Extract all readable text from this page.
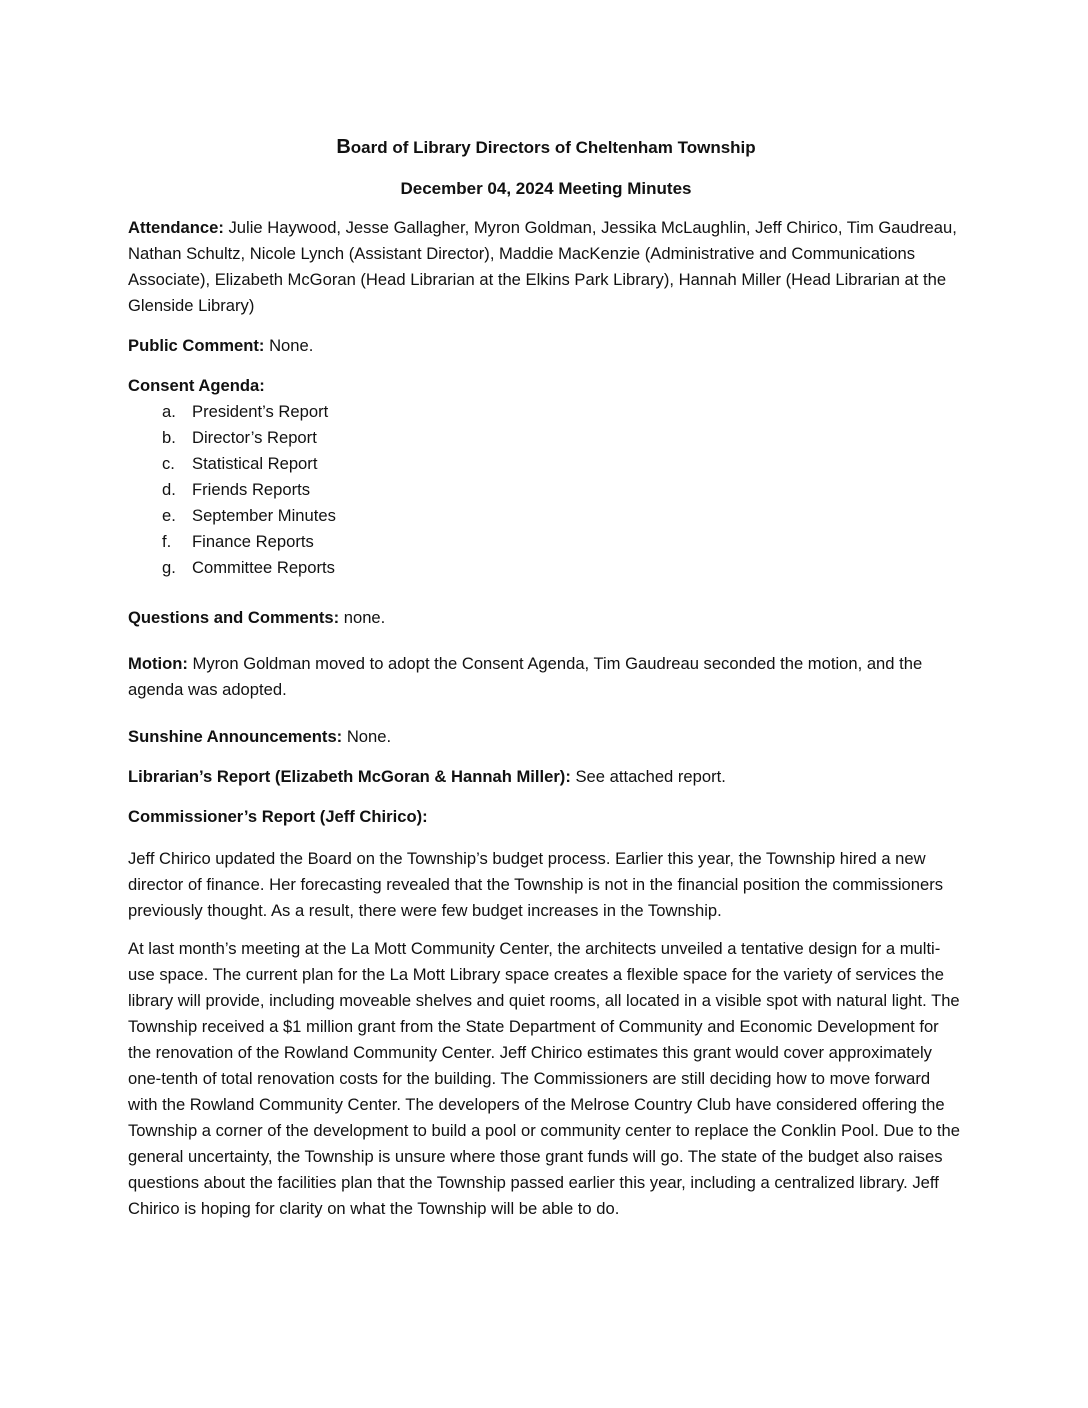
Board of Library Directors of Cheltenham Township
December 04, 2024 Meeting Minutes

Attendance: Julie Haywood, Jesse Gallagher, Myron Goldman, Jessika McLaughlin, Jeff Chirico, Tim Gaudreau, Nathan Schultz, Nicole Lynch (Assistant Director), Maddie MacKenzie (Administrative and Communications Associate), Elizabeth McGoran (Head Librarian at the Elkins Park Library), Hannah Miller (Head Librarian at the Glenside Library)

Public Comment: None.

Consent Agenda:

a. President’s Report
b. Director’s Report
c. Statistical Report
d. Friends Reports
e. September Minutes
f. Finance Reports
g. Committee Reports

Questions and Comments: none.

Motion: Myron Goldman moved to adopt the Consent Agenda, Tim Gaudreau seconded the motion, and the agenda was adopted.

Sunshine Announcements: None.

Librarian’s Report (Elizabeth McGoran & Hannah Miller): See attached report.

Commissioner’s Report (Jeff Chirico):

Jeff Chirico updated the Board on the Township’s budget process. Earlier this year, the Township hired a new director of finance. Her forecasting revealed that the Township is not in the financial position the commissioners previously thought. As a result, there were few budget increases in the Township.

At last month’s meeting at the La Mott Community Center, the architects unveiled a tentative design for a multi-use space. The current plan for the La Mott Library space creates a flexible space for the variety of services the library will provide, including moveable shelves and quiet rooms, all located in a visible spot with natural light. The Township received a $1 million grant from the State Department of Community and Economic Development for the renovation of the Rowland Community Center. Jeff Chirico estimates this grant would cover approximately one-tenth of total renovation costs for the building. The Commissioners are still deciding how to move forward with the Rowland Community Center. The developers of the Melrose Country Club have considered offering the Township a corner of the development to build a pool or community center to replace the Conklin Pool. Due to the general uncertainty, the Township is unsure where those grant funds will go. The state of the budget also raises questions about the facilities plan that the Township passed earlier this year, including a centralized library. Jeff Chirico is hoping for clarity on what the Township will be able to do.
